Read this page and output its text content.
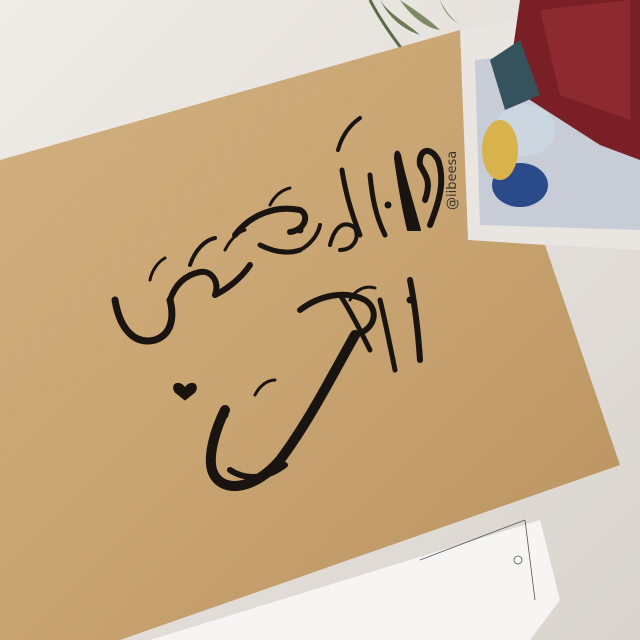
@iibeesa
